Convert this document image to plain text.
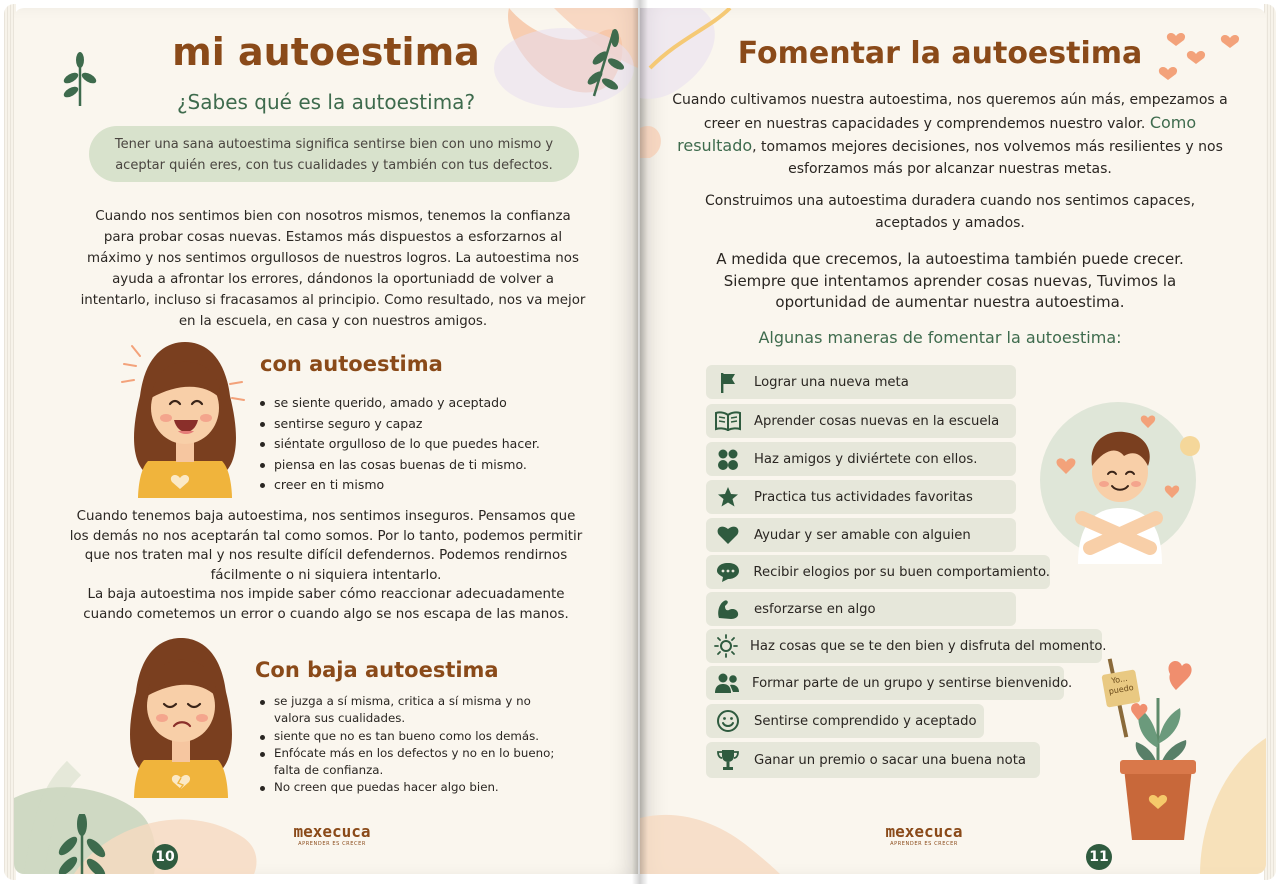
mi autoestima
¿Sabes qué es la autoestima?
Tener una sana autoestima significa sentirse bien con uno mismo y aceptar quién eres, con tus cualidades y también con tus defectos.
Cuando nos sentimos bien con nosotros mismos, tenemos la confianza para probar cosas nuevas. Estamos más dispuestos a esforzarnos al máximo y nos sentimos orgullosos de nuestros logros. La autoestima nos ayuda a afrontar los errores, dándonos la oportuniadd de volver a intentarlo, incluso si fracasamos al principio. Como resultado, nos va mejor en la escuela, en casa y con nuestros amigos.
con autoestima
se siente querido, amado y aceptado
sentirse seguro y capaz
siéntate orgulloso de lo que puedes hacer.
piensa en las cosas buenas de ti mismo.
creer en ti mismo
Cuando tenemos baja autoestima, nos sentimos inseguros. Pensamos que los demás no nos aceptarán tal como somos. Por lo tanto, podemos permitir que nos traten mal y nos resulte difícil defendernos. Podemos rendirnos fácilmente o ni siquiera intentarlo.
La baja autoestima nos impide saber cómo reaccionar adecuadamente cuando cometemos un error o cuando algo se nos escapa de las manos.
Con baja autoestima
se juzga a sí misma, critica a sí misma y no valora sus cualidades.
siente que no es tan bueno como los demás.
Enfócate más en los defectos y no en lo bueno; falta de confianza.
No creen que puedas hacer algo bien.
mexecuca
APRENDER ES CRECER
10
Fomentar la autoestima
Cuando cultivamos nuestra autoestima, nos queremos aún más, empezamos a creer en nuestras capacidades y comprendemos nuestro valor. Como resultado, tomamos mejores decisiones, nos volvemos más resilientes y nos esforzamos más por alcanzar nuestras metas.
Construimos una autoestima duradera cuando nos sentimos capaces, aceptados y amados.
A medida que crecemos, la autoestima también puede crecer. Siempre que intentamos aprender cosas nuevas, Tuvimos la oportunidad de aumentar nuestra autoestima.
Algunas maneras de fomentar la autoestima:
Lograr una nueva meta
Aprender cosas nuevas en la escuela
Haz amigos y diviértete con ellos.
Practica tus actividades favoritas
Ayudar y ser amable con alguien
Recibir elogios por su buen comportamiento.
esforzarse en algo
Haz cosas que se te den bien y disfruta del momento.
Formar parte de un grupo y sentirse bienvenido.
Sentirse comprendido y aceptado
Ganar un premio o sacar una buena nota
Yo... puedo
mexecuca
APRENDER ES CRECER
11
